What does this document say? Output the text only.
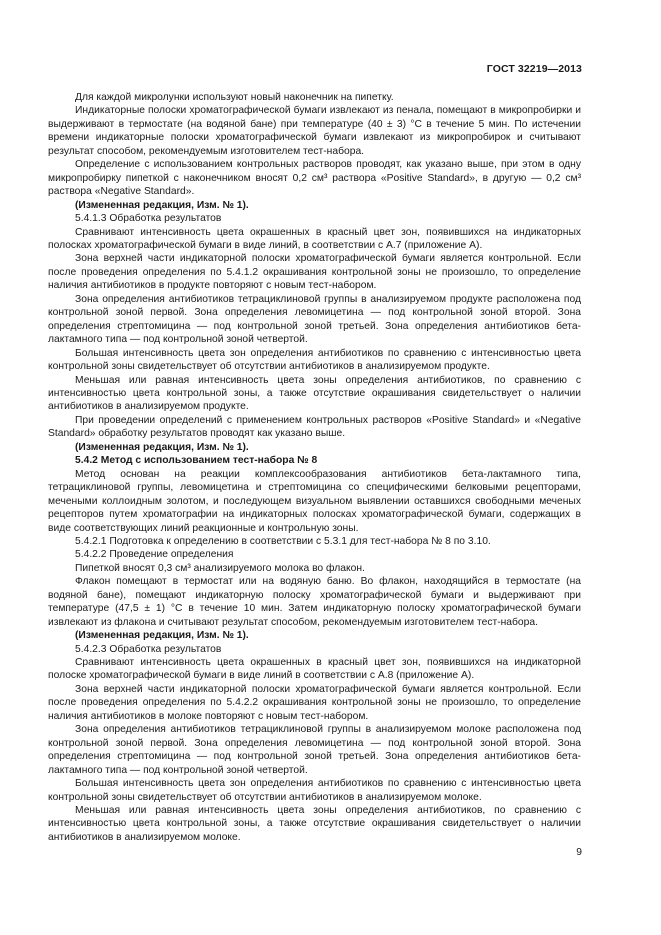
ГОСТ 32219—2013

Для каждой микролунки используют новый наконечник на пипетку.

Индикаторные полоски хроматографической бумаги извлекают из пенала, помещают в микропробирки и выдерживают в термостате (на водяной бане) при температуре (40 ± 3) °С в течение 5 мин. По истечении времени индикаторные полоски хроматографической бумаги извлекают из микропробирок и считывают результат способом, рекомендуемым изготовителем тест-набора.

Определение с использованием контрольных растворов проводят, как указано выше, при этом в одну микропробирку пипеткой с наконечником вносят 0,2 см³ раствора «Positive Standard», в другую — 0,2 см³ раствора «Negative Standard».

(Измененная редакция, Изм. № 1).

5.4.1.3 Обработка результатов

Сравнивают интенсивность цвета окрашенных в красный цвет зон, появившихся на индикаторных полосках хроматографической бумаги в виде линий, в соответствии с А.7 (приложение А).

Зона верхней части индикаторной полоски хроматографической бумаги является контрольной. Если после проведения определения по 5.4.1.2 окрашивания контрольной зоны не произошло, то определение наличия антибиотиков в продукте повторяют с новым тест-набором.

Зона определения антибиотиков тетрациклиновой группы в анализируемом продукте расположена под контрольной зоной первой. Зона определения левомицетина — под контрольной зоной второй. Зона определения стрептомицина — под контрольной зоной третьей. Зона определения антибиотиков бета-лактамного типа — под контрольной зоной четвертой.

Большая интенсивность цвета зон определения антибиотиков по сравнению с интенсивностью цвета контрольной зоны свидетельствует об отсутствии антибиотиков в анализируемом продукте.

Меньшая или равная интенсивность цвета зоны определения антибиотиков, по сравнению с интенсивностью цвета контрольной зоны, а также отсутствие окрашивания свидетельствует о наличии антибиотиков в анализируемом продукте.

При проведении определений с применением контрольных растворов «Positive Standard» и «Negative Standard» обработку результатов проводят как указано выше.

(Измененная редакция, Изм. № 1).

5.4.2 Метод с использованием тест-набора № 8

Метод основан на реакции комплексообразования антибиотиков бета-лактамного типа, тетрациклиновой группы, левомицетина и стрептомицина со специфическими белковыми рецепторами, мечеными коллоидным золотом, и последующем визуальном выявлении оставшихся свободными меченых рецепторов путем хроматографии на индикаторных полосках хроматографической бумаги, содержащих в виде соответствующих линий реакционные и контрольную зоны.

5.4.2.1 Подготовка к определению в соответствии с 5.3.1 для тест-набора № 8 по 3.10.

5.4.2.2 Проведение определения

Пипеткой вносят 0,3 см³ анализируемого молока во флакон.

Флакон помещают в термостат или на водяную баню. Во флакон, находящийся в термостате (на водяной бане), помещают индикаторную полоску хроматографической бумаги и выдерживают при температуре (47,5 ± 1) °С в течение 10 мин. Затем индикаторную полоску хроматографической бумаги извлекают из флакона и считывают результат способом, рекомендуемым изготовителем тест-набора.

(Измененная редакция, Изм. № 1).

5.4.2.3 Обработка результатов

Сравнивают интенсивность цвета окрашенных в красный цвет зон, появившихся на индикаторной полоске хроматографической бумаги в виде линий в соответствии с А.8 (приложение А).

Зона верхней части индикаторной полоски хроматографической бумаги является контрольной. Если после проведения определения по 5.4.2.2 окрашивания контрольной зоны не произошло, то определение наличия антибиотиков в молоке повторяют с новым тест-набором.

Зона определения антибиотиков тетрациклиновой группы в анализируемом молоке расположена под контрольной зоной первой. Зона определения левомицетина — под контрольной зоной второй. Зона определения стрептомицина — под контрольной зоной третьей. Зона определения антибиотиков бета-лактамного типа — под контрольной зоной четвертой.

Большая интенсивность цвета зон определения антибиотиков по сравнению с интенсивностью цвета контрольной зоны свидетельствует об отсутствии антибиотиков в анализируемом молоке.

Меньшая или равная интенсивность цвета зоны определения антибиотиков, по сравнению с интенсивностью цвета контрольной зоны, а также отсутствие окрашивания свидетельствует о наличии антибиотиков в анализируемом молоке.

9
